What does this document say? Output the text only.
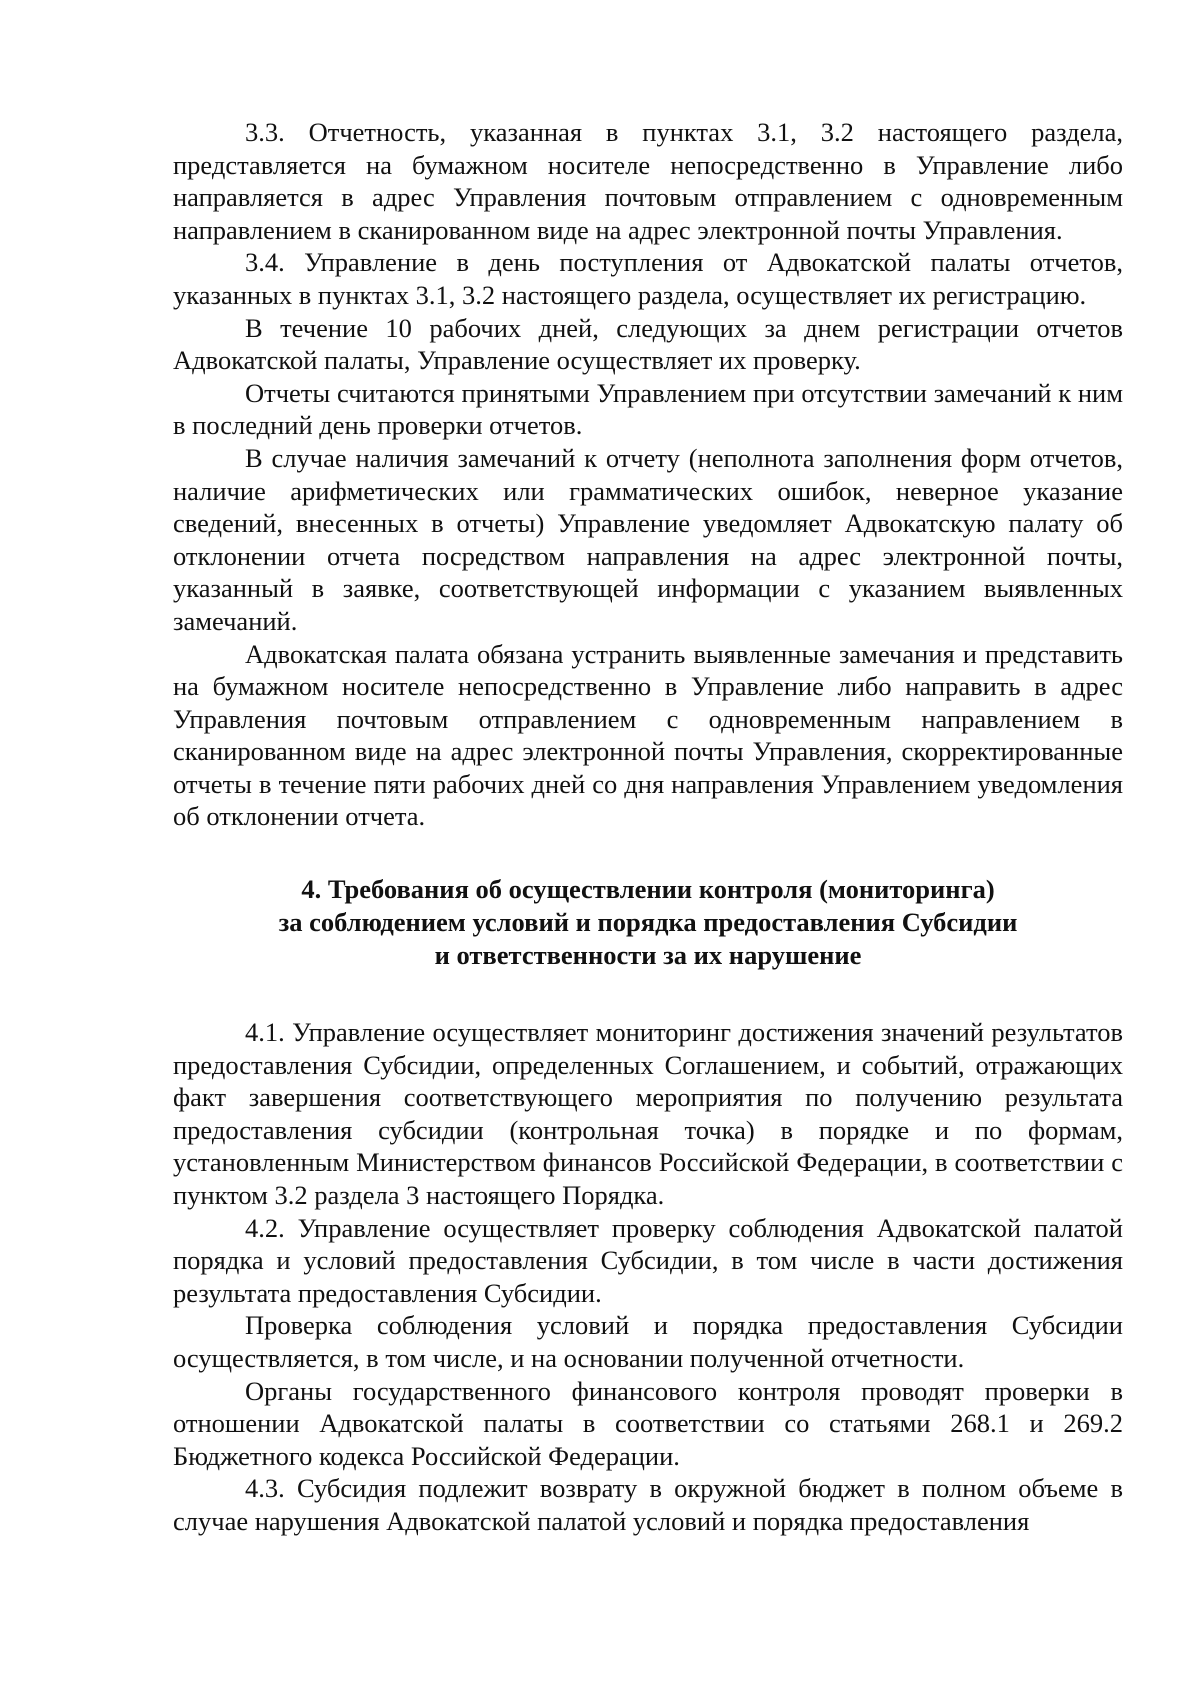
3.3. Отчетность, указанная в пунктах 3.1, 3.2 настоящего раздела, представляется на бумажном носителе непосредственно в Управление либо направляется в адрес Управления почтовым отправлением с одновременным направлением в сканированном виде на адрес электронной почты Управления.

3.4. Управление в день поступления от Адвокатской палаты отчетов, указанных в пунктах 3.1, 3.2 настоящего раздела, осуществляет их регистрацию.

В течение 10 рабочих дней, следующих за днем регистрации отчетов Адвокатской палаты, Управление осуществляет их проверку.

Отчеты считаются принятыми Управлением при отсутствии замечаний к ним в последний день проверки отчетов.

В случае наличия замечаний к отчету (неполнота заполнения форм отчетов, наличие арифметических или грамматических ошибок, неверное указание сведений, внесенных в отчеты) Управление уведомляет Адвокатскую палату об отклонении отчета посредством направления на адрес электронной почты, указанный в заявке, соответствующей информации с указанием выявленных замечаний.

Адвокатская палата обязана устранить выявленные замечания и представить на бумажном носителе непосредственно в Управление либо направить в адрес Управления почтовым отправлением с одновременным направлением в сканированном виде на адрес электронной почты Управления, скорректированные отчеты в течение пяти рабочих дней со дня направления Управлением уведомления об отклонении отчета.

4. Требования об осуществлении контроля (мониторинга)
за соблюдением условий и порядка предоставления Субсидии
и ответственности за их нарушение

4.1. Управление осуществляет мониторинг достижения значений результатов предоставления Субсидии, определенных Соглашением, и событий, отражающих факт завершения соответствующего мероприятия по получению результата предоставления субсидии (контрольная точка) в порядке и по формам, установленным Министерством финансов Российской Федерации, в соответствии с пунктом 3.2 раздела 3 настоящего Порядка.

4.2. Управление осуществляет проверку соблюдения Адвокатской палатой порядка и условий предоставления Субсидии, в том числе в части достижения результата предоставления Субсидии.

Проверка соблюдения условий и порядка предоставления Субсидии осуществляется, в том числе, и на основании полученной отчетности.

Органы государственного финансового контроля проводят проверки в отношении Адвокатской палаты в соответствии со статьями 268.1 и 269.2 Бюджетного кодекса Российской Федерации.

4.3. Субсидия подлежит возврату в окружной бюджет в полном объеме в случае нарушения Адвокатской палатой условий и порядка предоставления
